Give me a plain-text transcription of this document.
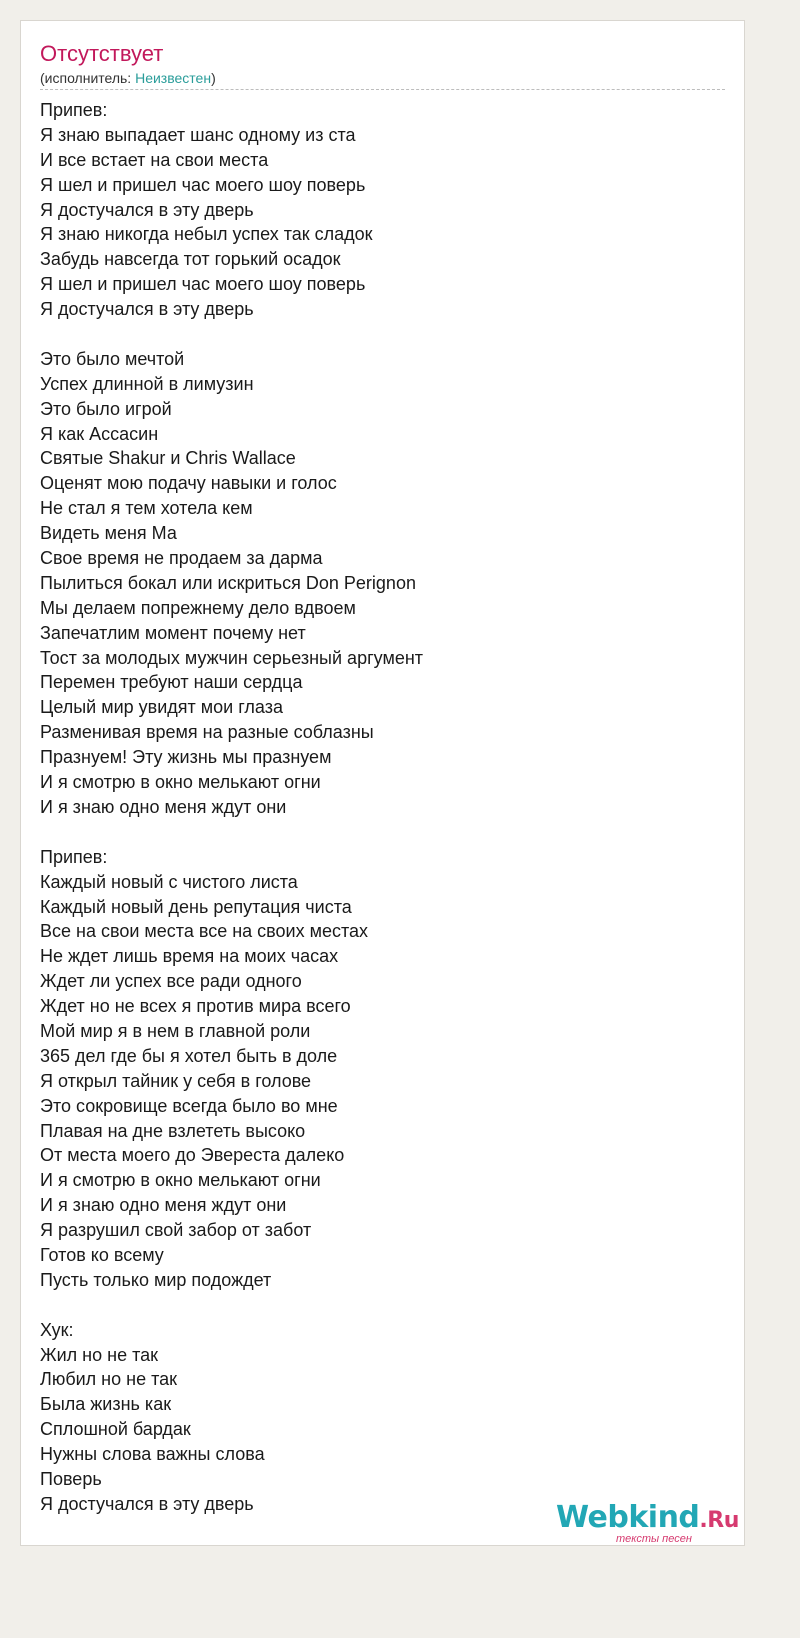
Отсутствует
(исполнитель: Неизвестен)
Припев:
Я знаю выпадает шанс одному из ста
И все встает на свои места
Я шел и пришел час моего шоу поверь
Я достучался в эту дверь
Я знаю никогда небыл успех так сладок
Забудь навсегда тот горький осадок
Я шел и пришел час моего шоу поверь
Я достучался в эту дверь
Это было мечтой
Успех длинной в лимузин
Это было игрой
Я как Ассасин
Святые Shakur и Chris Wallace
Оценят мою подачу навыки и голос
Не стал я тем хотела кем
Видеть меня Ма
Свое время не продаем за дарма
Пылиться бокал или искриться Don Perignon
Мы делаем попрежнему дело вдвоем
Запечатлим момент почему нет
Тост за молодых мужчин серьезный аргумент
Перемен требуют наши сердца
Целый мир увидят мои глаза
Разменивая время на разные соблазны
Празнуем! Эту жизнь мы празнуем
И я смотрю в окно мелькают огни
И я знаю одно меня ждут они
Припев:
Каждый новый с чистого листа
Каждый новый день репутация чиста
Все на свои места все на своих местах
Не ждет лишь время на моих часах
Ждет ли успех все ради одного
Ждет но не всех я против мира всего
Мой мир я в нем в главной роли
365 дел где бы я хотел быть в доле
Я открыл тайник у себя в голове
Это сокровище всегда было во мне
Плавая на дне взлететь высоко
От места моего до Эвереста далеко
И я смотрю в окно мелькают огни
И я знаю одно меня ждут они
Я разрушил свой забор от забот
Готов ко всему
Пусть только мир подождет
Хук:
Жил но не так
Любил но не так
Была жизнь как
Сплошной бардак
Нужны слова важны слова
Поверь
Я достучался в эту дверь	Webkind.Ru
тексты песен
